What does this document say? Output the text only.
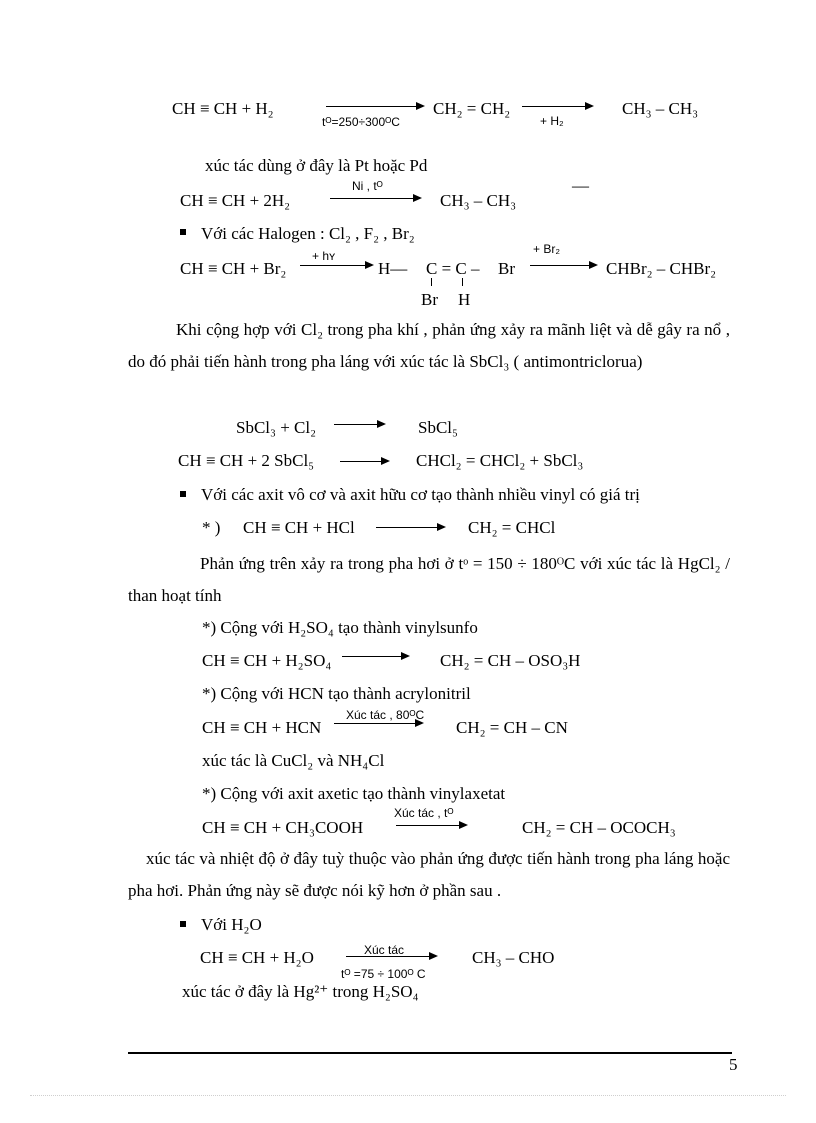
CH ≡ CH + H₂
tᴼ=250÷300ᴼC
CH₂ = CH₂
+ H₂
CH₃ – CH₃
xúc tác dùng ở đây là Pt hoặc Pd
Ni , tᴼ
CH ≡ CH + 2H₂	CH₃ – CH₃
—
Với các Halogen : Cl₂ , F₂ , Br₂
+ hʏ	+ Br₂
CH ≡ CH + Br₂	H— C = C – Br	CHBr₂ – CHBr₂
Br H
Khi cộng hợp với Cl₂ trong pha khí , phản ứng xảy ra mãnh liệt và dễ gây ra nổ , do đó phải tiến hành trong pha láng với xúc tác là SbCl₃ ( antimontriclorua)
SbCl₃ + Cl₂	SbCl₅
CH ≡ CH + 2 SbCl₅	CHCl₂ = CHCl₂ + SbCl₃
Với các axit vô cơ và axit hữu cơ tạo thành nhiều vinyl có giá trị
* ) CH ≡ CH + HCl	CH₂ = CHCl
Phản ứng trên xảy ra trong pha hơi ở tᵒ = 150 ÷ 180ᴼC với xúc tác là HgCl₂ / than hoạt tính
*) Cộng với H₂SO₄ tạo thành vinylsunfo
CH ≡ CH + H₂SO₄	CH₂ = CH – OSO₃H
*) Cộng với HCN tạo thành acrylonitril
Xúc tác , 80ᴼC
CH ≡ CH + HCN	CH₂ = CH – CN
xúc tác là CuCl₂ và NH₄Cl
*) Cộng với axit axetic tạo thành vinylaxetat
Xúc tác , tᴼ
CH ≡ CH + CH₃COOH	CH₂ = CH – OCOCH₃
xúc tác và nhiệt độ ở đây tuỳ thuộc vào phản ứng được tiến hành trong pha láng hoặc pha hơi. Phản ứng này sẽ được nói kỹ hơn ở phần sau .
Với H₂O
Xúc tác
CH ≡ CH + H₂O
tᴼ =75 ÷ 100ᴼ C
CH₃ – CHO
xúc tác ở đây là Hg²⁺ trong H₂SO₄
5
